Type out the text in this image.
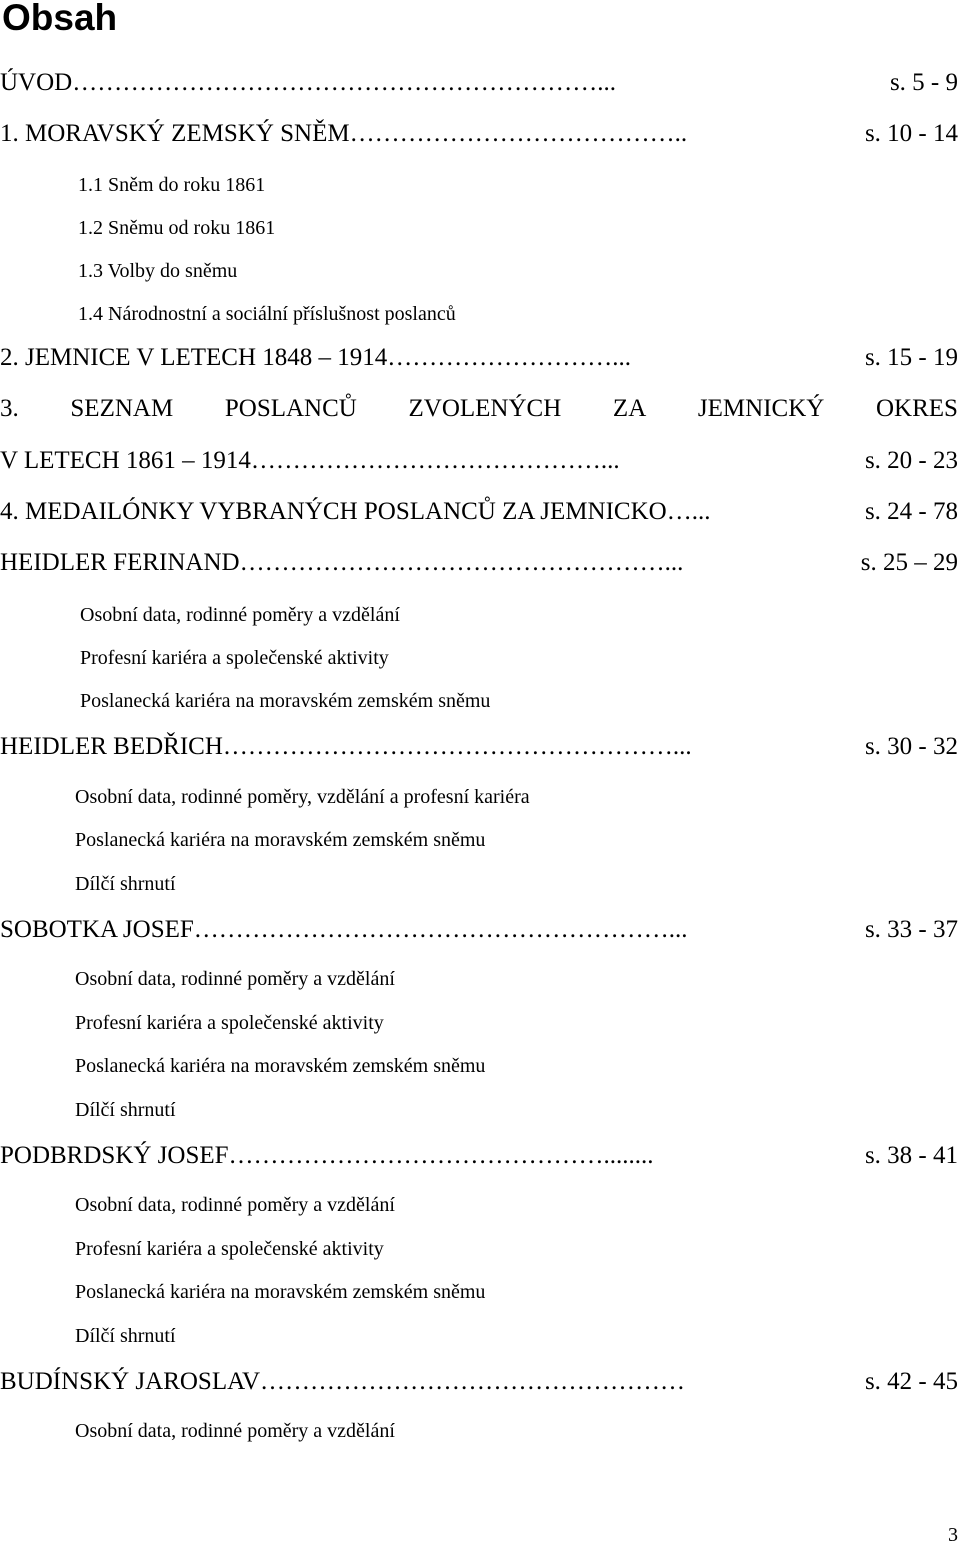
Obsah
ÚVOD………………………………………………………...	s. 5 - 9
1. MORAVSKÝ ZEMSKÝ SNĚM…………………………………..	s. 10 - 14
1.1 Sněm do roku 1861
1.2 Sněmu od roku 1861
1.3 Volby do sněmu
1.4 Národnostní a sociální příslušnost poslanců
2. JEMNICE V LETECH 1848 – 1914………………………...	s. 15 - 19
3. SEZNAM POSLANCŮ ZVOLENÝCH ZA JEMNICKÝ OKRES
V LETECH 1861 – 1914……………………………………...	s. 20 - 23
4. MEDAILÓNKY VYBRANÝCH POSLANCŮ ZA JEMNICKO…...	s. 24 - 78
HEIDLER FERINAND……………………………………………...	s. 25 – 29
Osobní data, rodinné poměry a vzdělání
Profesní kariéra a společenské aktivity
Poslanecká kariéra na moravském zemském sněmu
HEIDLER BEDŘICH………………………………………………...	s. 30 - 32
Osobní data, rodinné poměry, vzdělání a profesní kariéra
Poslanecká kariéra na moravském zemském sněmu
Dílčí shrnutí
SOBOTKA JOSEF…………………………………………………...	s. 33 - 37
Osobní data, rodinné poměry a vzdělání
Profesní kariéra a společenské aktivity
Poslanecká kariéra na moravském zemském sněmu
Dílčí shrnutí
PODBRDSKÝ JOSEF………………………………………........	s. 38 - 41
Osobní data, rodinné poměry a vzdělání
Profesní kariéra a společenské aktivity
Poslanecká kariéra na moravském zemském sněmu
Dílčí shrnutí
BUDÍNSKÝ JAROSLAV……………………………………………	s. 42 - 45
Osobní data, rodinné poměry a vzdělání
3
